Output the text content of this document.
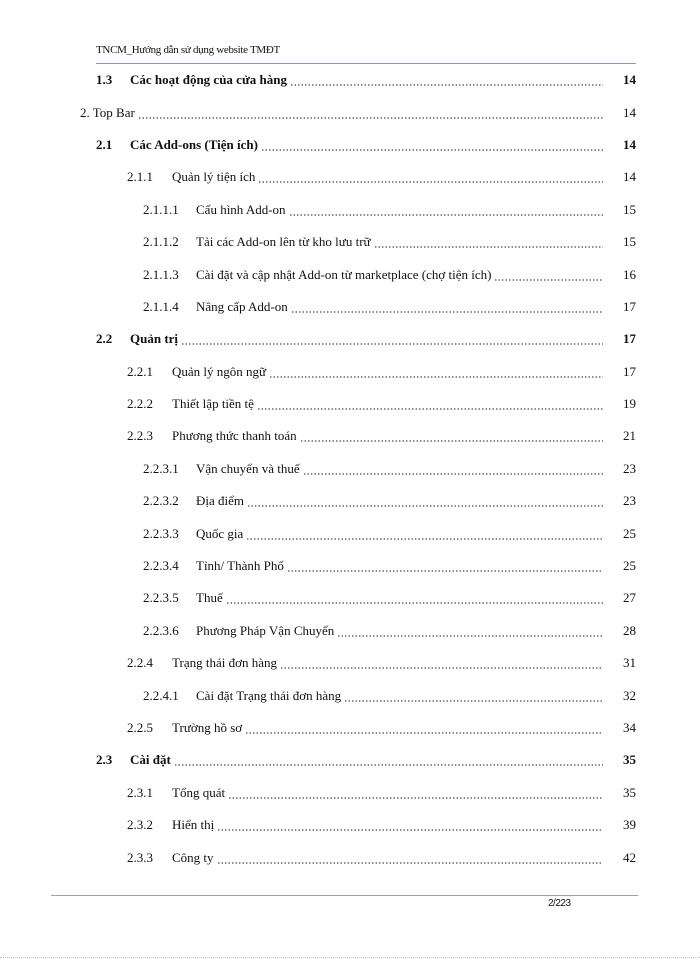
TNCM_Hướng dẫn sử dụng website TMĐT
1.3	Các hoạt động của cửa hàng	14
2. Top Bar	14
2.1	Các Add-ons (Tiện ích)	14
2.1.1	Quản lý tiện ích	14
2.1.1.1	Cấu hình Add-on	15
2.1.1.2	Tải các Add-on lên từ kho lưu trữ	15
2.1.1.3	Cài đặt và cập nhật Add-on từ marketplace (chợ tiện ích)	16
2.1.1.4	Nâng cấp Add-on	17
2.2	Quản trị	17
2.2.1	Quản lý ngôn ngữ	17
2.2.2	Thiết lập tiền tệ	19
2.2.3	Phương thức thanh toán	21
2.2.3.1	Vận chuyển và thuế	23
2.2.3.2	Địa điểm	23
2.2.3.3	Quốc gia	25
2.2.3.4	Tỉnh/ Thành Phố	25
2.2.3.5	Thuế	27
2.2.3.6	Phương Pháp Vận Chuyển	28
2.2.4	Trạng thái đơn hàng	31
2.2.4.1	Cài đặt Trạng thái đơn hàng	32
2.2.5	Trường hồ sơ	34
2.3	Cài đặt	35
2.3.1	Tổng quát	35
2.3.2	Hiển thị	39
2.3.3	Công ty	42
2/223
